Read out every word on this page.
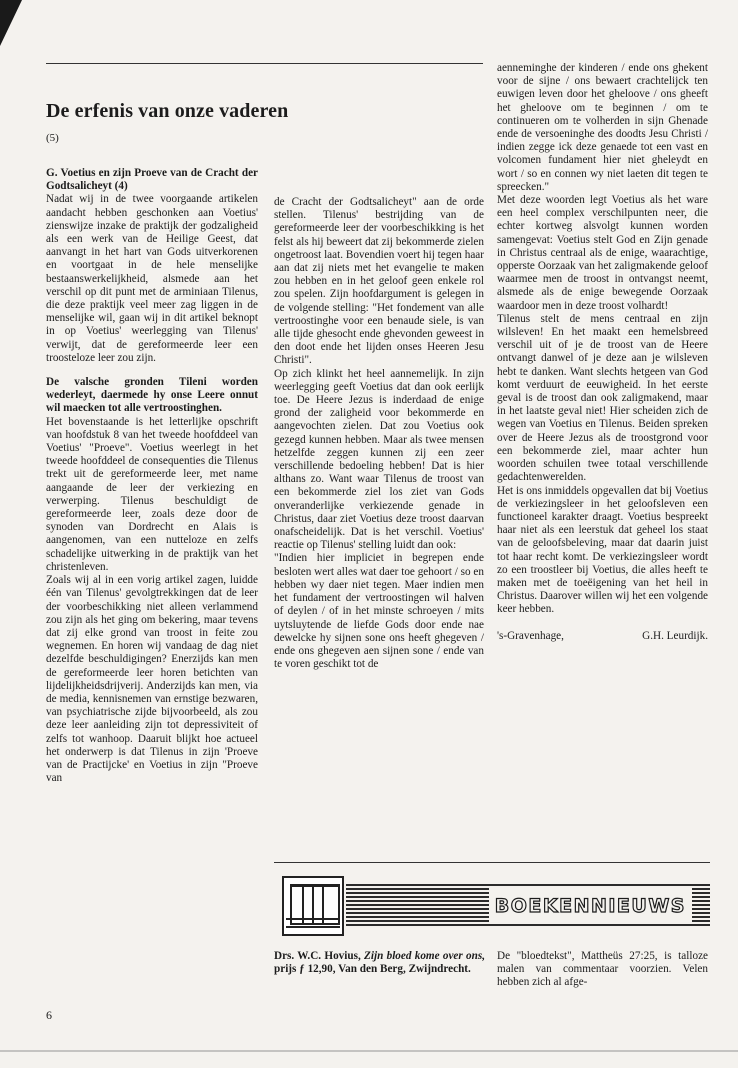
De erfenis van onze vaderen
(5)

G. Voetius en zijn Proeve van de Cracht der Godtsalicheyt (4)

Nadat wij in de twee voorgaande artikelen aandacht hebben geschonken aan Voetius' zienswijze inzake de praktijk der godzaligheid als een werk van de Heilige Geest, dat aanvangt in het hart van Gods uitverkorenen en voortgaat in de hele menselijke bestaanswerkelijkheid, alsmede aan het verschil op dit punt met de arminiaan Tilenus, die deze praktijk veel meer zag liggen in de menselijke wil, gaan wij in dit artikel beknopt in op Voetius' weerlegging van Tilenus' verwijt, dat de gereformeerde leer een troosteloze leer zou zijn.

De valsche gronden Tileni worden wederleyt, daermede hy onse Leere onnut wil maecken tot alle vertroostinghen.

Het bovenstaande is het letterlijke opschrift van hoofdstuk 8 van het tweede hoofddeel van Voetius' "Proeve". Voetius weerlegt in het tweede hoofddeel de consequenties die Tilenus trekt uit de gereformeerde leer, met name aangaande de leer der verkiezing en verwerping. Tilenus beschuldigt de gereformeerde leer, zoals deze door de synoden van Dordrecht en Alais is aangenomen, van een nutteloze en zelfs schadelijke uitwerking in de praktijk van het christenleven.

Zoals wij al in een vorig artikel zagen, luidde één van Tilenus' gevolgtrekkingen dat de leer der voorbeschikking niet alleen verlammend zou zijn als het ging om bekering, maar tevens dat zij elke grond van troost in feite zou wegnemen. En horen wij vandaag de dag niet dezelfde beschuldigingen? Enerzijds kan men de gereformeerde leer horen betichten van lijdelijkheidsdrijverij. Anderzijds kan men, via de media, kennisnemen van ernstige bezwaren, van psychiatrische zijde bijvoorbeeld, als zou deze leer aanleiding zijn tot depressiviteit of zelfs tot wanhoop. Daaruit blijkt hoe actueel het onderwerp is dat Tilenus in zijn 'Proeve van de Practijcke' en Voetius in zijn "Proeve van

de Cracht der Godtsalicheyt" aan de orde stellen. Tilenus' bestrijding van de gereformeerde leer der voorbeschikking is het felst als hij beweert dat zij bekommerde zielen ongetroost laat. Bovendien voert hij tegen haar aan dat zij niets met het evangelie te maken zou hebben en in het geloof geen enkele rol zou spelen. Zijn hoofdargument is gelegen in de volgende stelling: "Het fondement van alle vertroostinghe voor een benaude siele, is van alle tijde ghesocht ende ghevonden geweest in den doot ende het lijden onses Heeren Jesu Christi".

Op zich klinkt het heel aannemelijk. In zijn weerlegging geeft Voetius dat dan ook eerlijk toe. De Heere Jezus is inderdaad de enige grond der zaligheid voor bekommerde en aangevochten zielen. Dat zou Voetius ook gezegd kunnen hebben. Maar als twee mensen hetzelfde zeggen kunnen zij een zeer verschillende bedoeling hebben! Dat is hier althans zo. Want waar Tilenus de troost van een bekommerde ziel los ziet van Gods onveranderlijke verkiezende genade in Christus, daar ziet Voetius deze troost daarvan onafscheidelijk. Dat is het verschil. Voetius' reactie op Tilenus' stelling luidt dan ook:

"Indien hier impliciet in begrepen ende besloten wert alles wat daer toe gehoort / so en hebben wy daer niet tegen. Maer indien men het fundament der vertroostingen wil halven of deylen / of in het minste schroeyen / mits uytsluytende de liefde Gods door ende nae dewelcke hy sijnen sone ons heeft ghegeven / ende ons ghegeven aen sijnen sone / ende van te voren geschikt tot de

aenneminghe der kinderen / ende ons ghekent voor de sijne / ons bewaert crachtelijck ten euwigen leven door het gheloove / ons gheeft het gheloove om te beginnen / om te continueren om te volherden in sijn Ghenade ende de versoeninghe des doodts Jesu Christi / indien zegge ick deze genaede tot een vast en volcomen fundament hier niet gheleydt en wort / so en connen wy niet laeten dit tegen te spreecken."

Met deze woorden legt Voetius als het ware een heel complex verschilpunten neer, die echter kortweg alsvolgt kunnen worden samengevat: Voetius stelt God en Zijn genade in Christus centraal als de enige, waarachtige, opperste Oorzaak van het zaligmakende geloof waarmee men de troost in ontvangst neemt, alsmede als de enige bewegende Oorzaak waardoor men in deze troost volhardt!

Tilenus stelt de mens centraal en zijn wilsleven! En het maakt een hemelsbreed verschil uit of je de troost van de Heere ontvangt danwel of je deze aan je wilsleven hebt te danken. Want slechts hetgeen van God komt verduurt de eeuwigheid. In het eerste geval is de troost dan ook zaligmakend, maar in het laatste geval niet! Hier scheiden zich de wegen van Voetius en Tilenus. Beiden spreken over de Heere Jezus als de troostgrond voor een bekommerde ziel, maar achter hun woorden schuilen twee totaal verschillende gedachtenwerelden.

Het is ons inmiddels opgevallen dat bij Voetius de verkiezingsleer in het geloofsleven een functioneel karakter draagt. Voetius bespreekt haar niet als een leerstuk dat geheel los staat van de geloofsbeleving, maar dat daarin juist tot haar recht komt. De verkiezingsleer wordt zo een troostleer bij Voetius, die alles heeft te maken met de toeëigening van het heil in Christus. Daarover willen wij het een volgende keer hebben.

's-Gravenhage,	G.H. Leurdijk.

BOEKENNIEUWS
Drs. W.C. Hovius, Zijn bloed kome over ons, prijs ƒ 12,90, Van den Berg, Zwijndrecht.
De "bloedtekst", Mattheüs 27:25, is talloze malen van commentaar voorzien. Velen hebben zich al afge-
6
